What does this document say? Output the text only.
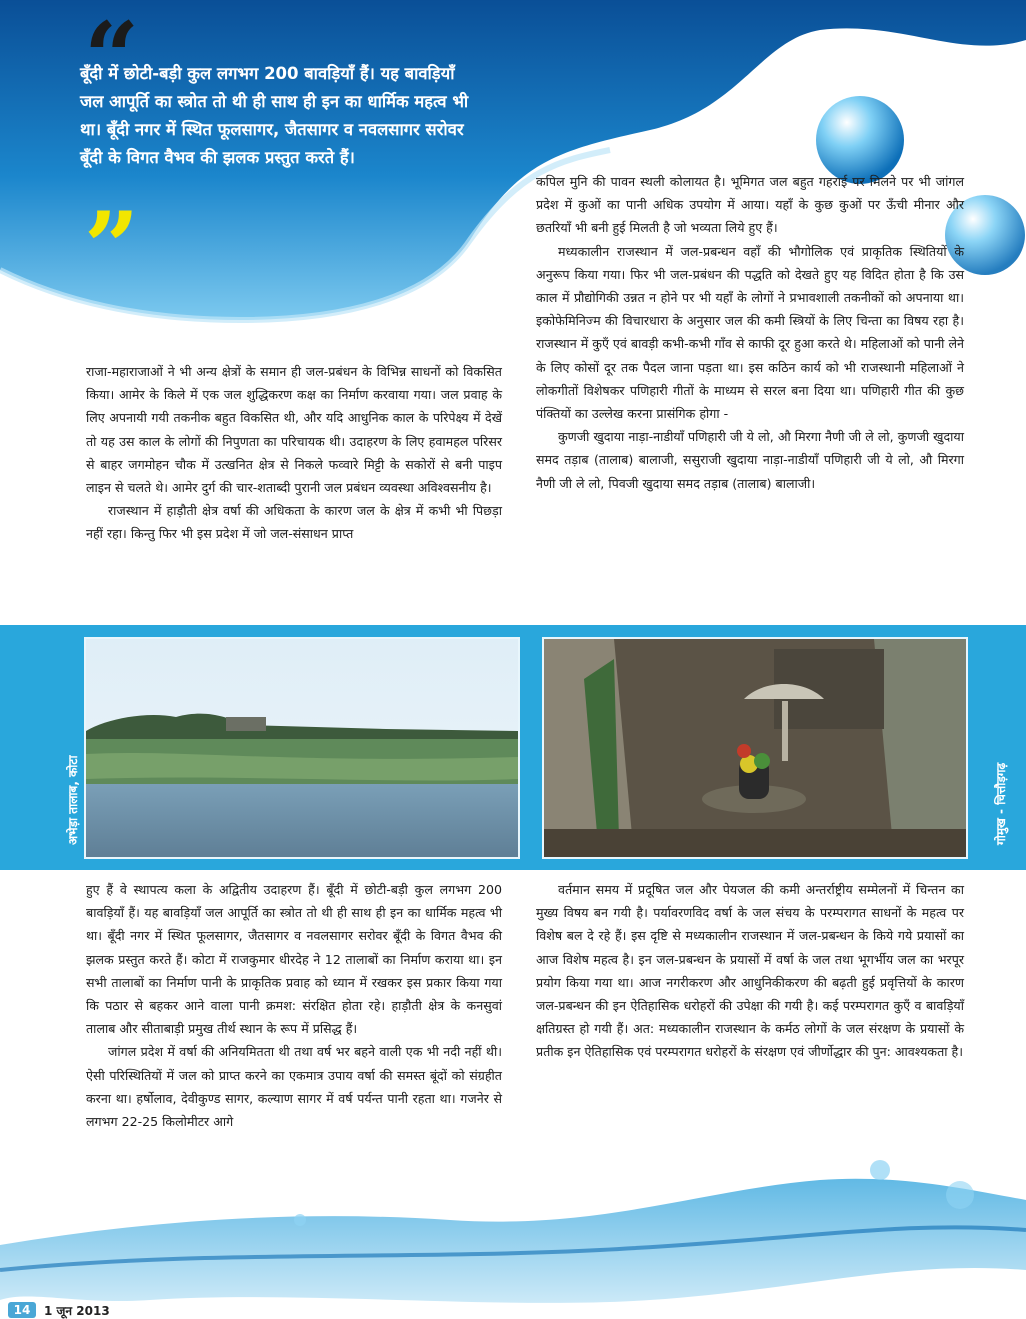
“

बूँदी में छोटी-बड़ी कुल लगभग 200 बावड़ियाँ हैं। यह बावड़ियाँ जल आपूर्ति का स्त्रोत तो थी ही साथ ही इन का धार्मिक महत्व भी था। बूँदी नगर में स्थित फूलसागर, जैतसागर व नवलसागर सरोवर बूँदी के विगत वैभव की झलक प्रस्तुत करते हैं।

”

कपिल मुनि की पावन स्थली कोलायत है। भूमिगत जल बहुत गहराई पर मिलने पर भी जांगल प्रदेश में कुओं का पानी अधिक उपयोग में आया। यहाँ के कुछ कुओं पर ऊँची मीनार और छतरियाँ भी बनी हुई मिलती है जो भव्यता लिये हुए हैं।

मध्यकालीन राजस्थान में जल-प्रबन्धन वहाँ की भौगोलिक एवं प्राकृतिक स्थितियों के अनुरूप किया गया। फिर भी जल-प्रबंधन की पद्धति को देखते हुए यह विदित होता है कि उस काल में प्रौद्योगिकी उन्नत न होने पर भी यहाँ के लोगों ने प्रभावशाली तकनीकों को अपनाया था। इकोफेमिनिज्म की विचारधारा के अनुसार जल की कमी स्त्रियों के लिए चिन्ता का विषय रहा है। राजस्थान में कुएँ एवं बावड़ी कभी-कभी गाँव से काफी दूर हुआ करते थे। महिलाओं को पानी लेने के लिए कोसों दूर तक पैदल जाना पड़ता था। इस कठिन कार्य को भी राजस्थानी महिलाओं ने लोकगीतों विशेषकर पणिहारी गीतों के माध्यम से सरल बना दिया था। पणिहारी गीत की कुछ पंक्तियों का उल्लेख करना प्रासंगिक होगा -

कुणजी खुदाया नाड़ा-नाडीयाँ पणिहारी जी ये लो, औ मिरगा नैणी जी ले लो, कुणजी खुदाया समद तड़ाब (तालाब) बालाजी, ससुराजी खुदाया नाड़ा-नाडीयाँ पणिहारी जी ये लो, औ मिरगा नैणी जी ले लो, पिवजी खुदाया समद तड़ाब (तालाब) बालाजी।

राजा-महाराजाओं ने भी अन्य क्षेत्रों के समान ही जल-प्रबंधन के विभिन्न साधनों को विकसित किया। आमेर के किले में एक जल शुद्धिकरण कक्ष का निर्माण करवाया गया। जल प्रवाह के लिए अपनायी गयी तकनीक बहुत विकसित थी, और यदि आधुनिक काल के परिपेक्ष्य में देखें तो यह उस काल के लोगों की निपुणता का परिचायक थी। उदाहरण के लिए हवामहल परिसर से बाहर जगमोहन चौक में उत्खनित क्षेत्र से निकले फव्वारे मिट्टी के सकोरों से बनी पाइप लाइन से चलते थे। आमेर दुर्ग की चार-शताब्दी पुरानी जल प्रबंधन व्यवस्था अविश्वसनीय है।

राजस्थान में हाड़ौती क्षेत्र वर्षा की अधिकता के कारण जल के क्षेत्र में कभी भी पिछड़ा नहीं रहा। किन्तु फिर भी इस प्रदेश में जो जल-संसाधन प्राप्त

अभेड़ा तालाब, कोटा	गोमुख - चित्तौड़गढ़

हुए हैं वे स्थापत्य कला के अद्वितीय उदाहरण हैं। बूँदी में छोटी-बड़ी कुल लगभग 200 बावड़ियाँ हैं। यह बावड़ियाँ जल आपूर्ति का स्त्रोत तो थी ही साथ ही इन का धार्मिक महत्व भी था। बूँदी नगर में स्थित फूलसागर, जैतसागर व नवलसागर सरोवर बूँदी के विगत वैभव की झलक प्रस्तुत करते हैं। कोटा में राजकुमार धीरदेह ने 12 तालाबों का निर्माण कराया था। इन सभी तालाबों का निर्माण पानी के प्राकृतिक प्रवाह को ध्यान में रखकर इस प्रकार किया गया कि पठार से बहकर आने वाला पानी क्रमश: संरक्षित होता रहे। हाड़ौती क्षेत्र के कनसुवां तालाब और सीताबाड़ी प्रमुख तीर्थ स्थान के रूप में प्रसिद्ध हैं।

जांगल प्रदेश में वर्षा की अनियमितता थी तथा वर्ष भर बहने वाली एक भी नदी नहीं थी। ऐसी परिस्थितियों में जल को प्राप्त करने का एकमात्र उपाय वर्षा की समस्त बूंदों को संग्रहीत करना था। हर्षोलाव, देवीकुण्ड सागर, कल्याण सागर में वर्ष पर्यन्त पानी रहता था। गजनेर से लगभग 22-25 किलोमीटर आगे

वर्तमान समय में प्रदूषित जल और पेयजल की कमी अन्तर्राष्ट्रीय सम्मेलनों में चिन्तन का मुख्य विषय बन गयी है। पर्यावरणविद वर्षा के जल संचय के परम्परागत साधनों के महत्व पर विशेष बल दे रहे हैं। इस दृष्टि से मध्यकालीन राजस्थान में जल-प्रबन्धन के किये गये प्रयासों का आज विशेष महत्व है। इन जल-प्रबन्धन के प्रयासों में वर्षा के जल तथा भूगर्भीय जल का भरपूर प्रयोग किया गया था। आज नगरीकरण और आधुनिकीकरण की बढ़ती हुई प्रवृत्तियों के कारण जल-प्रबन्धन की इन ऐतिहासिक धरोहरों की उपेक्षा की गयी है। कई परम्परागत कुएँ व बावड़ियाँ क्षतिग्रस्त हो गयी हैं। अत: मध्यकालीन राजस्थान के कर्मठ लोगों के जल संरक्षण के प्रयासों के प्रतीक इन ऐतिहासिक एवं परम्परागत धरोहरों के संरक्षण एवं जीर्णोद्धार की पुन: आवश्यकता है।

14	1 जून 2013
